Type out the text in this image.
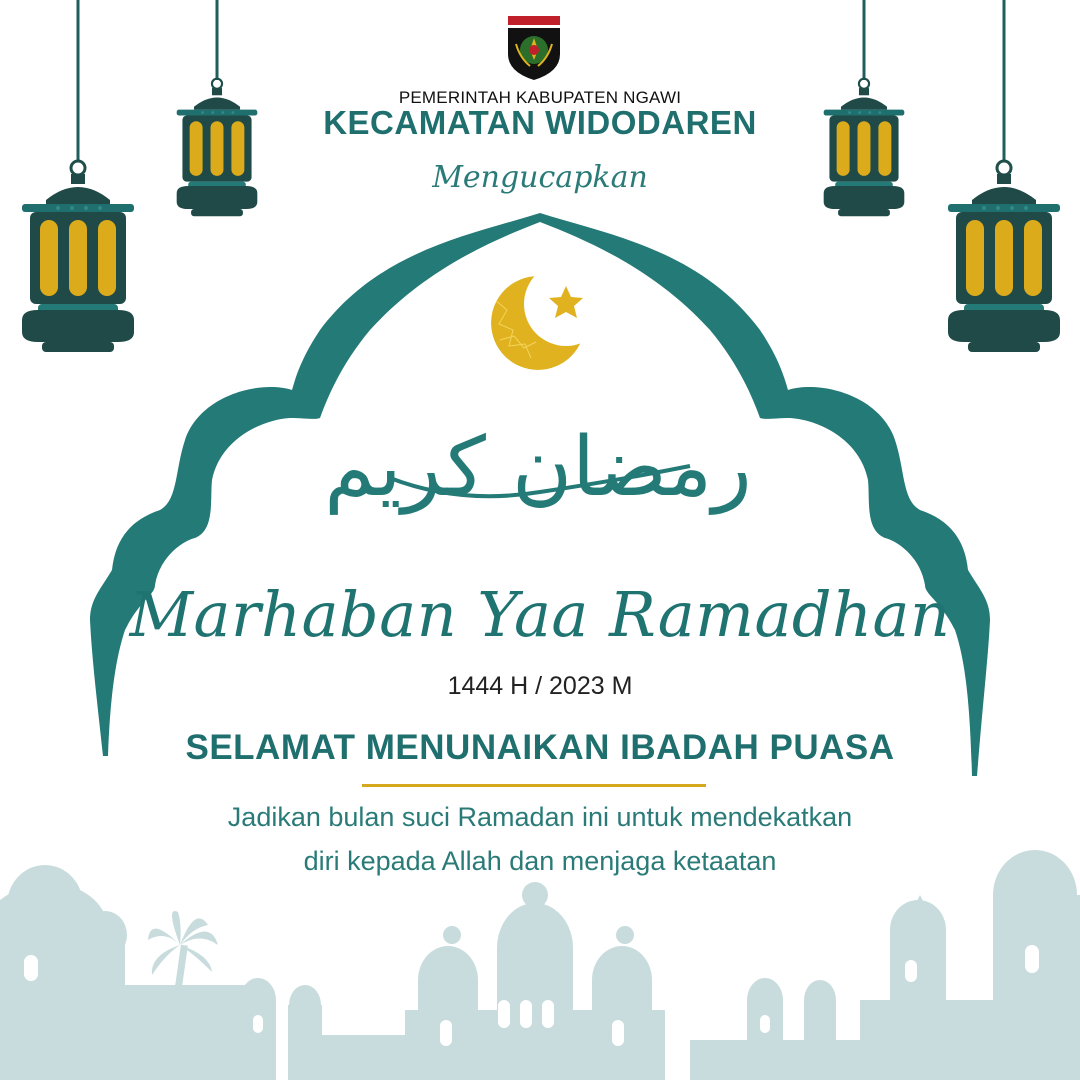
رمضان كريم

PEMERINTAH KABUPATEN NGAWI

KECAMATAN WIDODAREN

Mengucapkan

Marhaban Yaa Ramadhan

1444 H / 2023 M

SELAMAT MENUNAIKAN IBADAH PUASA

Jadikan bulan suci Ramadan ini untuk mendekatkan
diri kepada Allah dan menjaga ketaatan
